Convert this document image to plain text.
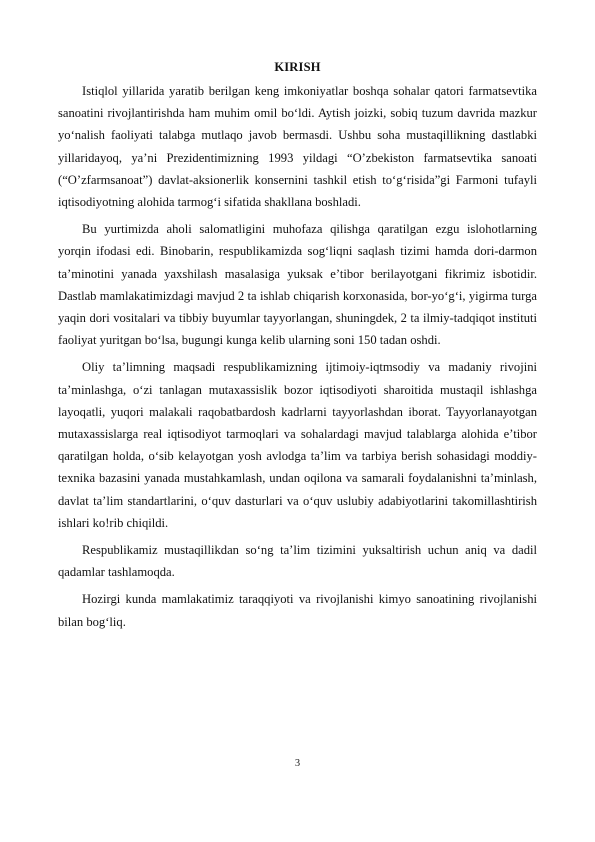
KIRISH

Istiqlol yillarida yaratib berilgan keng imkoniyatlar boshqa sohalar qatori farmatsevtika sanoatini rivojlantirishda ham muhim omil bo‘ldi. Aytish joizki, sobiq tuzum davrida mazkur yo‘nalish faoliyati talabga mutlaqo javob bermasdi. Ushbu soha mustaqillikning dastlabki yillaridayoq, ya’ni Prezidentimizning 1993 yildagi “O’zbekiston farmatsevtika sanoati (“O’zfarmsanoat”) davlat-aksionerlik konsernini tashkil etish to‘g‘risida”gi Farmoni tufayli iqtisodiyotning alohida tarmog‘i sifatida shakllana boshladi.

Bu yurtimizda aholi salomatligini muhofaza qilishga qaratilgan ezgu islohotlarning yorqin ifodasi edi. Binobarin, respublikamizda sog‘liqni saqlash tizimi hamda dori-darmon ta’minotini yanada yaxshilash masalasiga yuksak e’tibor berilayotgani fikrimiz isbotidir. Dastlab mamlakatimizdagi mavjud 2 ta ishlab chiqarish korxonasida, bor-yo‘g‘i, yigirma turga yaqin dori vositalari va tibbiy buyumlar tayyorlangan, shuningdek, 2 ta ilmiy-tadqiqot instituti faoliyat yuritgan bo‘lsa, bugungi kunga kelib ularning soni 150 tadan oshdi.

Oliy ta’limning maqsadi respublikamizning ijtimoiy-iqtmsodiy va madaniy rivojini ta’minlashga, o‘zi tanlagan mutaxassislik bozor iqtisodiyoti sharoitida mustaqil ishlashga layoqatli, yuqori malakali raqobatbardosh kadrlarni tayyorlashdan iborat. Tayyorlanayotgan mutaxassislarga real iqtisodiyot tarmoqlari va sohalardagi mavjud talablarga alohida e’tibor qaratilgan holda, o‘sib kelayotgan yosh avlodga ta’lim va tarbiya berish sohasidagi moddiy-texnika bazasini yanada mustahkamlash, undan oqilona va samarali foydalanishni ta’minlash, davlat ta’lim standartlarini, o‘quv dasturlari va o‘quv uslubiy adabiyotlarini takomillashtirish ishlari ko!rib chiqildi.

Respublikamiz mustaqillikdan so‘ng ta’lim tizimini yuksaltirish uchun aniq va dadil qadamlar tashlamoqda.

Hozirgi kunda mamlakatimiz taraqqiyoti va rivojlanishi kimyo sanoatining rivojlanishi bilan bog‘liq.

3
